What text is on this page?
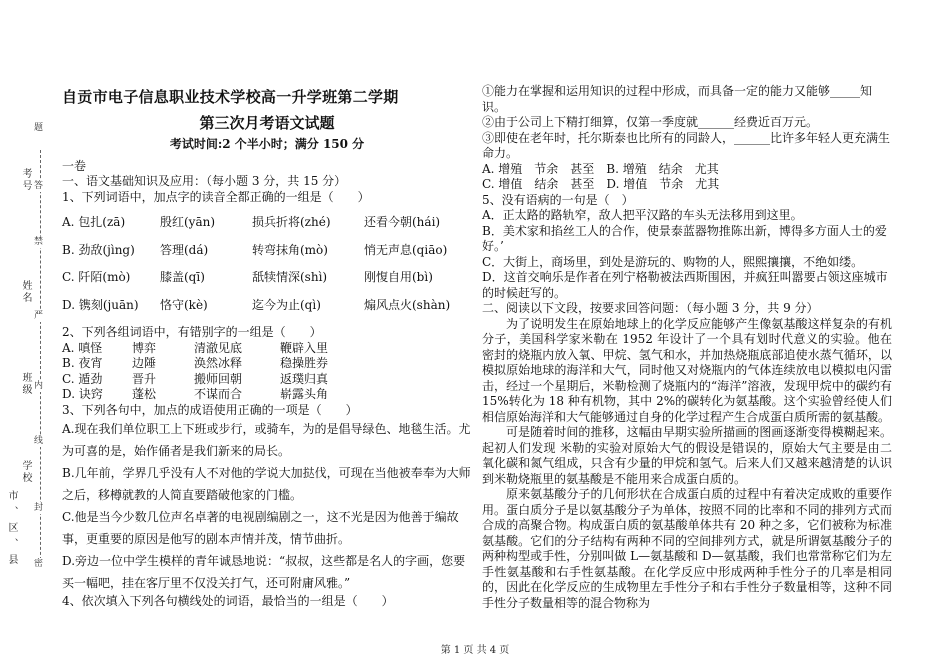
考号
姓名
班级
学校
市、区、县
题
答
禁
严
内
线
封
密
自贡市电子信息职业技术学校高一升学班第二学期
第三次月考语文试题
考试时间:2 个半小时；满分 150 分

一卷

一、语文基础知识及应用：（每小题 3 分，共 15 分）

1、下列词语中，加点字的读音全都正确的一组是（　　）

A. 包扎(zā)	殷红(yān)	损兵折将(zhé)	还看今朝(hái)
B. 劲敌(jìng)	答理(dá)	转弯抹角(mò)	悄无声息(qiāo)
C. 阡陌(mò)	膝盖(qī)	舐犊情深(shì)	刚愎自用(bì)
D. 镌刻(juān)	恪守(kè)	迄今为止(qì)	煽风点火(shàn)

2、下列各组词语中，有错别字的一组是（　　）

A. 嗔怪	博弈	清澈见底	鞭辟入里
B. 夜宵	边陲	涣然冰释	稳操胜券
C. 遁劲	晋升	搬师回朝	返璞归真
D. 诀窍	蓬松	不谋而合	崭露头角

3、下列各句中，加点的成语使用正确的一项是（　　）

A.现在我们单位职工上下班或步行，或骑车，为的是倡导绿色、地毯生活。尤为可喜的是，始作俑者是我们新来的局长。

B.几年前，学界几乎没有人不对他的学说大加挞伐，可现在当他被奉奉为大师之后，移樽就教的人简直要踏破他家的门槛。

C.他是当今少数几位声名卓著的电视剧编剧之一，这不光是因为他善于编故事，更重要的原因是他写的剧本声情并茂，情节曲折。

D.旁边一位中学生模样的青年诚恳地说：“叔叔，这些都是名人的字画，您要买一幅吧，挂在客厅里不仅没关打气，还可附庸风雅。”

4、依次填入下列各句横线处的词语，最恰当的一组是（　　）

①能力在掌握和运用知识的过程中形成，而具备一定的能力又能够_____知识。

②由于公司上下精打细算，仅第一季度就______经费近百万元。

③即使在老年时，托尔斯泰也比所有的同龄人，______比许多年轻人更充满生命力。

A. 增殖　节余　甚至　B. 增殖　结余　尤其

C. 增值　结余　甚至　D. 增值　节余　尤其

5、没有语病的一句是（　）

A．正太路的路轨窄，敌人把平汉路的车头无法移用到这里。

B．美术家和掐丝工人的合作，使景泰蓝器物推陈出新，博得多方面人士的爱好。’

C．大街上，商场里，到处是游玩的、购物的人，熙熙攘攘，不绝如缕。

D．这首交响乐是作者在列宁格勒被法西斯围困，并疯狂叫嚣要占领这座城市的时候赶写的。

二、阅读以下文段，按要求回答问题：（每小题 3 分，共 9 分）

为了说明发生在原始地球上的化学反应能够产生像氨基酸这样复杂的有机分子，美国科学家米勒在 1952 年设计了一个具有划时代意义的实验。他在密封的烧瓶内放入氧、甲烷、氢气和水，并加热烧瓶底部追使水蒸气循环，以模拟原始地球的海洋和大气，同时他又对烧瓶内的气体连续放电以模拟电闪雷击，经过一个星期后，米勒检测了烧瓶内的“海洋”溶液，发现甲烷中的碳约有 15%转化为 18 种有机物，其中 2%的碳转化为氨基酸。这个实验曾经使人们相信原始海洋和大气能够通过自身的化学过程产生合成蛋白质所需的氨基酸。

可是随着时间的推移，这幅由早期实验所描画的图画逐渐变得模糊起来。起初人们发现 米勒的实验对原始大气的假设是错误的，原始大气主要是由二氧化碳和氮气组成，只含有少量的甲烷和氢气。后来人们又越来越清楚的认识到米勒烧瓶里的氨基酸是不能用来合成蛋白质的。

原来氨基酸分子的几何形状在合成蛋白质的过程中有着决定成败的重要作用。蛋白质分子是以氨基酸分子为单体，按照不同的比率和不同的排列方式而合成的高聚合物。构成蛋白质的氨基酸单体共有 20 种之多，它们被称为标准氨基酸。它们的分子结构有两种不同的空间排列方式，就是所谓氨基酸分子的两种构型或手性，分别叫做 L—氨基酸和 D—氨基酸，我们也常常称它们为左手性氨基酸和右手性氨基酸。在化学反应中形成两种手性分子的几率是相同的，因此在化学反应的生成物里左手性分子和右手性分子数量相等，这种不同手性分子数量相等的混合物称为

第 1 页 共 4 页
